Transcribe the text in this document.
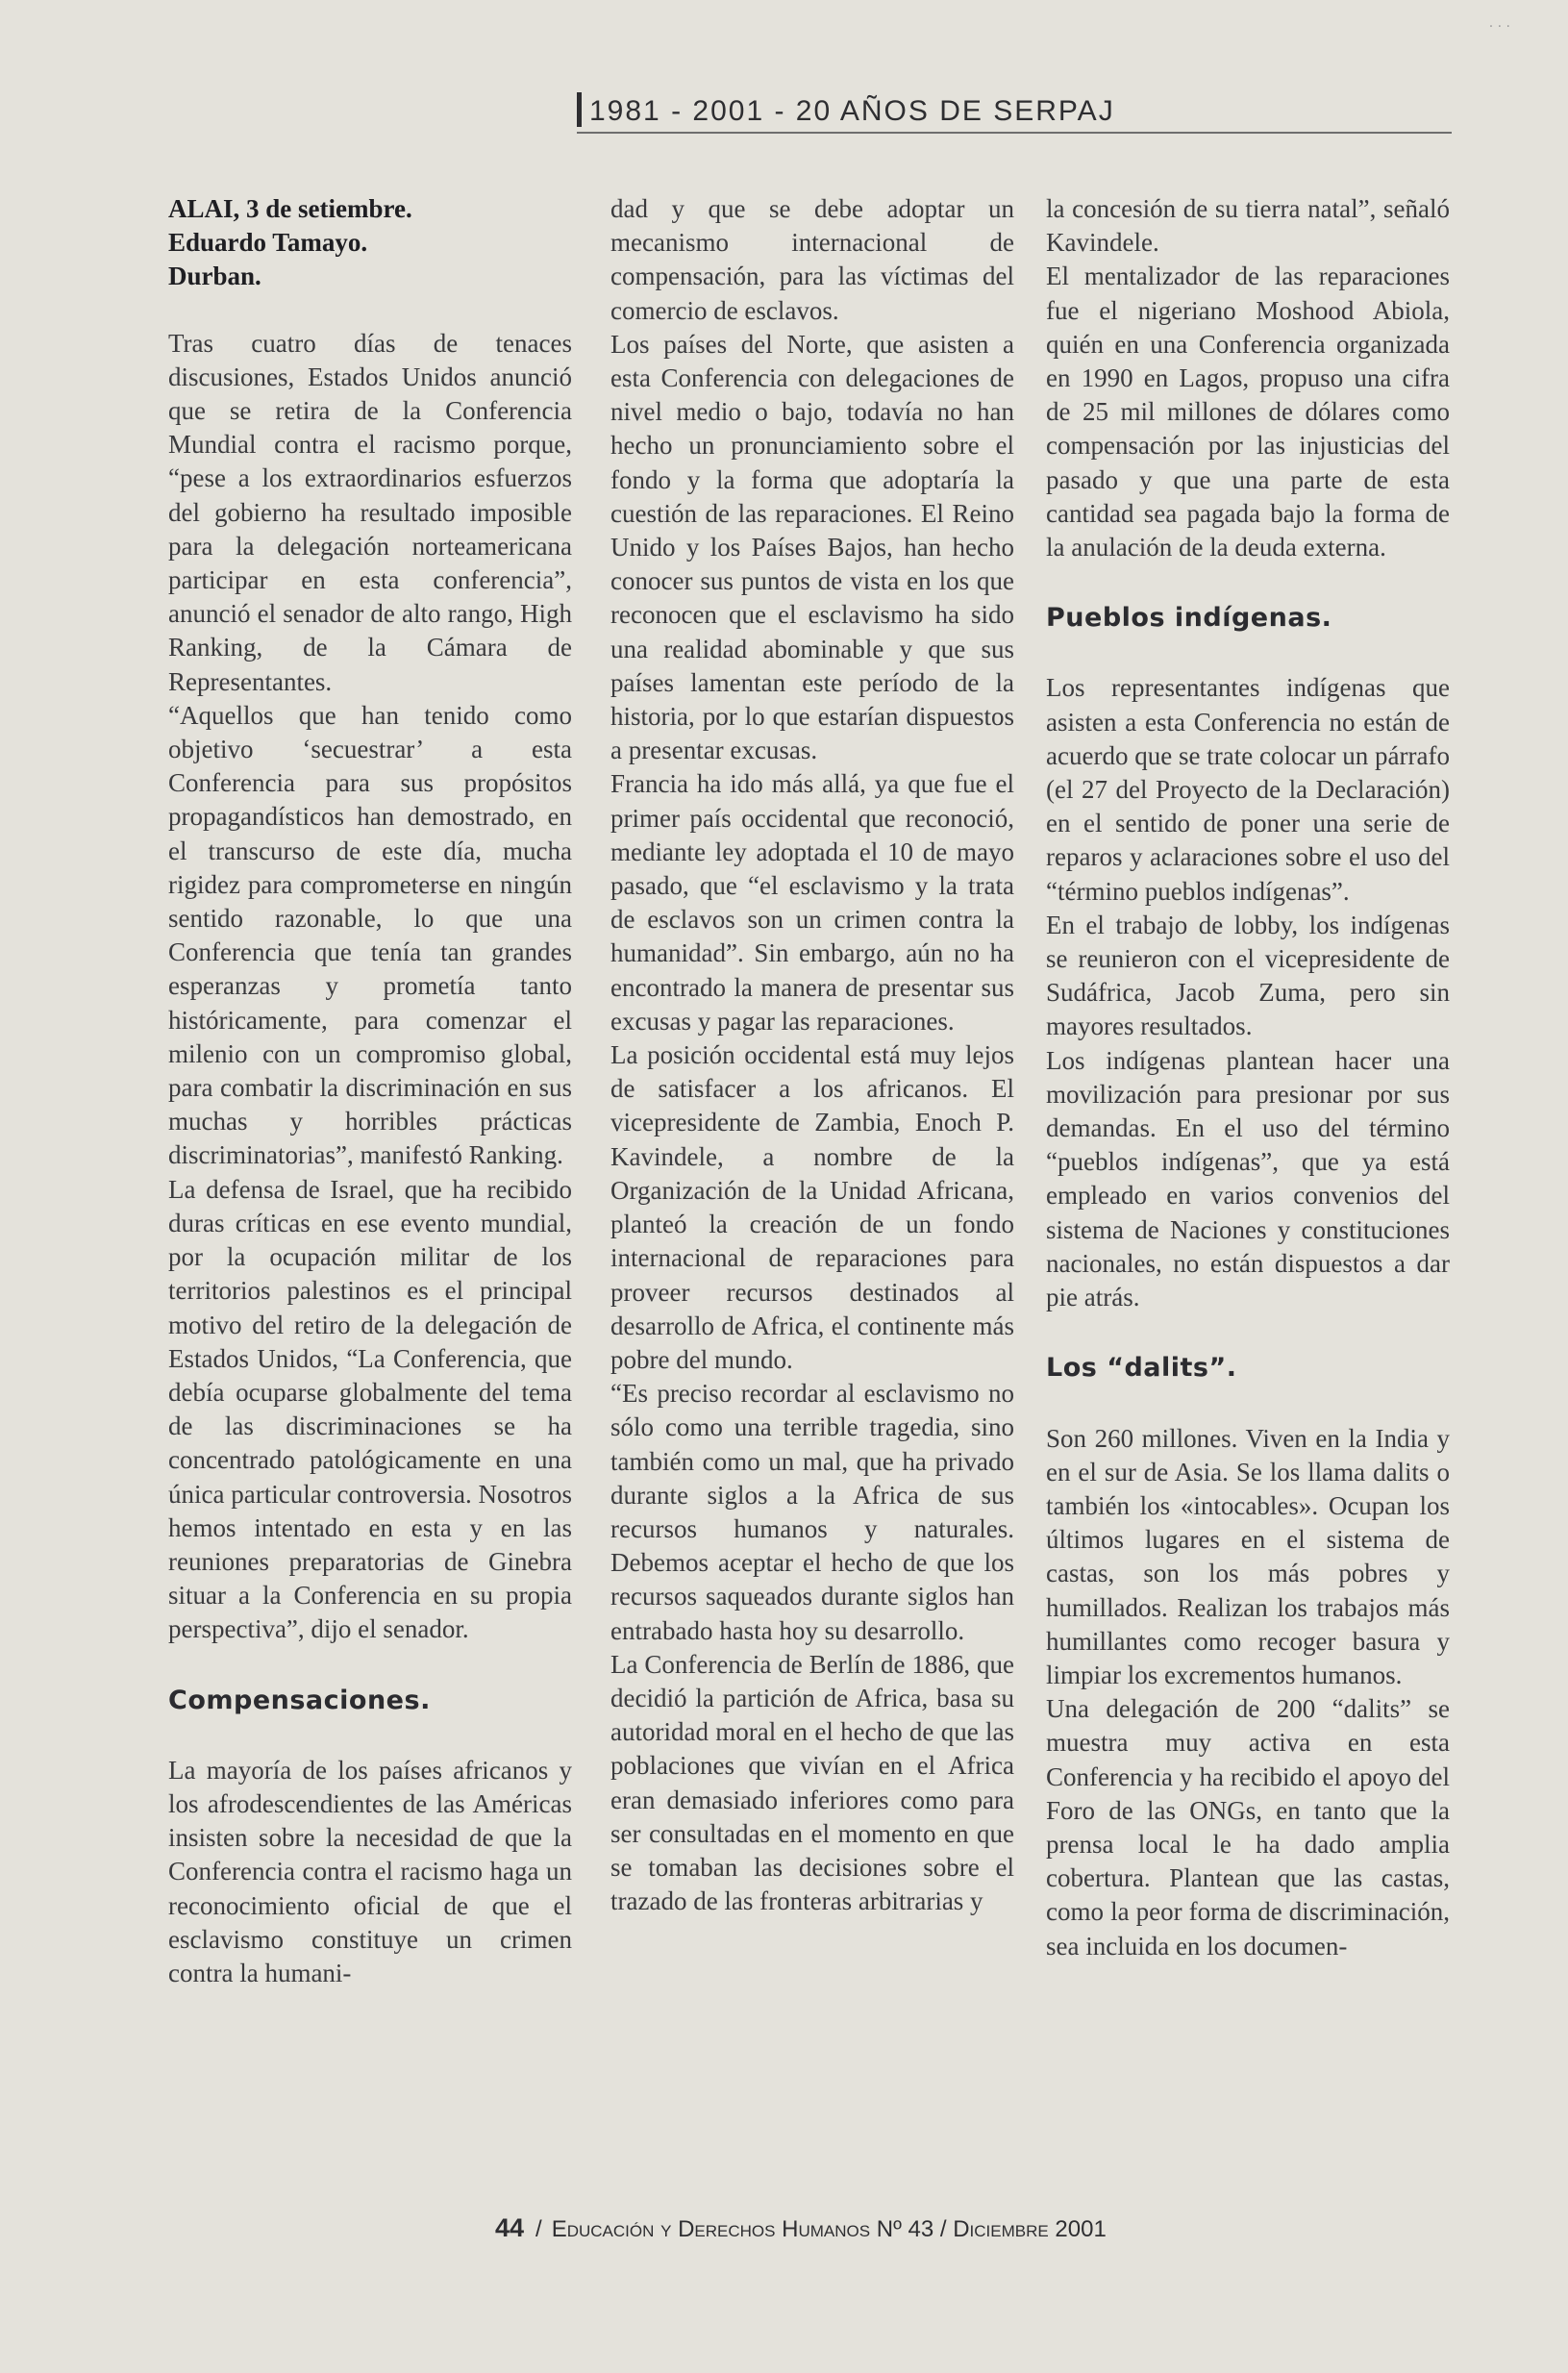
· · ·
1981 - 2001 - 20 AÑOS DE SERPAJ

ALAI, 3 de setiembre.
Eduardo Tamayo.
Durban.

Tras cuatro días de tenaces discusiones, Estados Unidos anunció que se retira de la Conferencia Mundial contra el racismo porque, “pese a los extraordinarios esfuerzos del gobierno ha resultado imposible para la delegación norteamericana participar en esta conferencia”, anunció el senador de alto rango, High Ranking, de la Cámara de Representantes.

“Aquellos que han tenido como objetivo ‘secuestrar’ a esta Conferencia para sus propósitos propagandísticos han demostrado, en el transcurso de este día, mucha rigidez para comprometerse en ningún sentido razonable, lo que una Conferencia que tenía tan grandes esperanzas y prometía tanto históricamente, para comenzar el milenio con un compromiso global, para combatir la discriminación en sus muchas y horribles prácticas discriminatorias”, manifestó Ranking.

La defensa de Israel, que ha recibido duras críticas en ese evento mundial, por la ocupación militar de los territorios palestinos es el principal motivo del retiro de la delegación de Estados Unidos, “La Conferencia, que debía ocuparse globalmente del tema de las discriminaciones se ha concentrado patológicamente en una única particular controversia. Nosotros hemos intentado en esta y en las reuniones preparatorias de Ginebra situar a la Conferencia en su propia perspectiva”, dijo el senador.

Compensaciones.

La mayoría de los países africanos y los afrodescendientes de las Américas insisten sobre la necesidad de que la Conferencia contra el racismo haga un reconocimiento oficial de que el esclavismo constituye un crimen contra la humani-

dad y que se debe adoptar un mecanismo internacional de compensación, para las víctimas del comercio de esclavos.

Los países del Norte, que asisten a esta Conferencia con delegaciones de nivel medio o bajo, todavía no han hecho un pronunciamiento sobre el fondo y la forma que adoptaría la cuestión de las reparaciones. El Reino Unido y los Países Bajos, han hecho conocer sus puntos de vista en los que reconocen que el esclavismo ha sido una realidad abominable y que sus países lamentan este período de la historia, por lo que estarían dispuestos a presentar excusas.

Francia ha ido más allá, ya que fue el primer país occidental que reconoció, mediante ley adoptada el 10 de mayo pasado, que “el esclavismo y la trata de esclavos son un crimen contra la humanidad”. Sin embargo, aún no ha encontrado la manera de presentar sus excusas y pagar las reparaciones.

La posición occidental está muy lejos de satisfacer a los africanos. El vicepresidente de Zambia, Enoch P. Kavindele, a nombre de la Organización de la Unidad Africana, planteó la creación de un fondo internacional de reparaciones para proveer recursos destinados al desarrollo de Africa, el continente más pobre del mundo.

“Es preciso recordar al esclavismo no sólo como una terrible tragedia, sino también como un mal, que ha privado durante siglos a la Africa de sus recursos humanos y naturales. Debemos aceptar el hecho de que los recursos saqueados durante siglos han entrabado hasta hoy su desarrollo.

La Conferencia de Berlín de 1886, que decidió la partición de Africa, basa su autoridad moral en el hecho de que las poblaciones que vivían en el Africa eran demasiado inferiores como para ser consultadas en el momento en que se tomaban las decisiones sobre el trazado de las fronteras arbitrarias y

la concesión de su tierra natal”, señaló Kavindele.

El mentalizador de las reparaciones fue el nigeriano Moshood Abiola, quién en una Conferencia organizada en 1990 en Lagos, propuso una cifra de 25 mil millones de dólares como compensación por las injusticias del pasado y que una parte de esta cantidad sea pagada bajo la forma de la anulación de la deuda externa.

Pueblos indígenas.

Los representantes indígenas que asisten a esta Conferencia no están de acuerdo que se trate colocar un párrafo (el 27 del Proyecto de la Declaración) en el sentido de poner una serie de reparos y aclaraciones sobre el uso del “término pueblos indígenas”.

En el trabajo de lobby, los indígenas se reunieron con el vicepresidente de Sudáfrica, Jacob Zuma, pero sin mayores resultados.

Los indígenas plantean hacer una movilización para presionar por sus demandas. En el uso del término “pueblos indígenas”, que ya está empleado en varios convenios del sistema de Naciones y constituciones nacionales, no están dispuestos a dar pie atrás.

Los “dalits”.

Son 260 millones. Viven en la India y en el sur de Asia. Se los llama dalits o también los «intocables». Ocupan los últimos lugares en el sistema de castas, son los más pobres y humillados. Realizan los trabajos más humillantes como recoger basura y limpiar los excrementos humanos.

Una delegación de 200 “dalits” se muestra muy activa en esta Conferencia y ha recibido el apoyo del Foro de las ONGs, en tanto que la prensa local le ha dado amplia cobertura. Plantean que las castas, como la peor forma de discriminación, sea incluida en los documen-

44 / Educación y Derechos Humanos Nº 43 / Diciembre 2001
